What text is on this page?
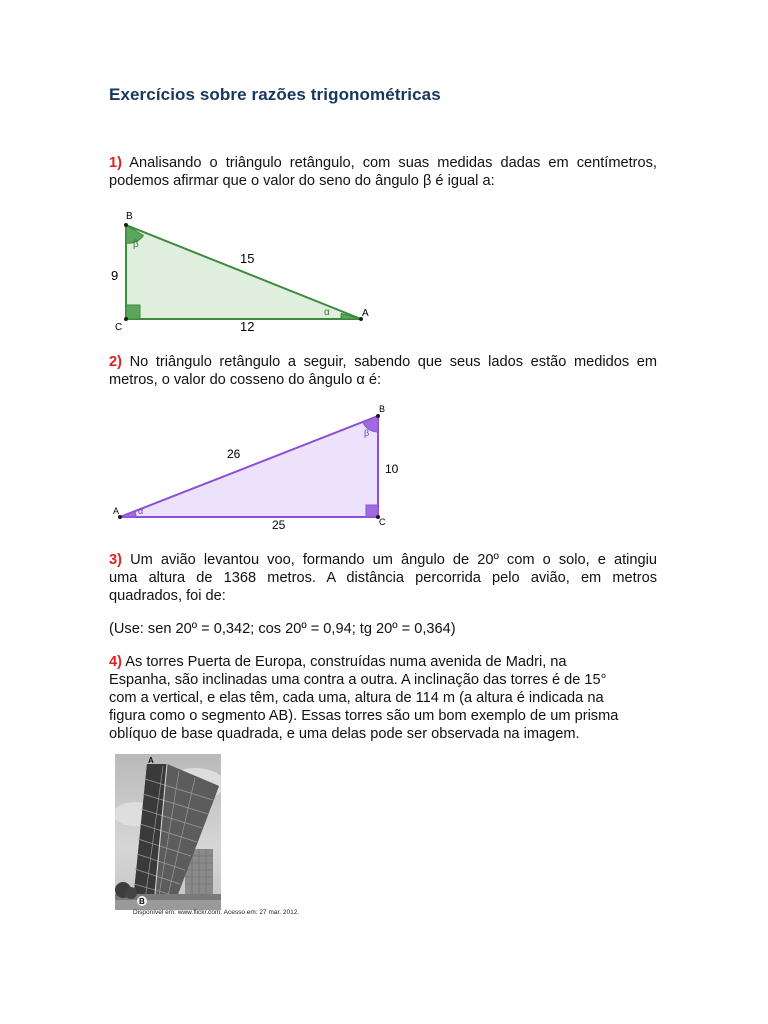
Exercícios sobre razões trigonométricas
1) Analisando o triângulo retângulo, com suas medidas dadas em centímetros,
podemos afirmar que o valor do seno do ângulo β é igual a:
B
C
A
9
15
12
β
α
2) No triângulo retângulo a seguir, sabendo que seus lados estão medidos em
metros, o valor do cosseno do ângulo α é:
A
B
C
26
10
25
β
α
3) Um avião levantou voo, formando um ângulo de 20º com o solo, e atingiu
uma altura de 1368 metros. A distância percorrida pelo avião, em metros
quadrados, foi de:
(Use: sen 20º = 0,342; cos 20º = 0,94; tg 20º = 0,364)
4) As torres Puerta de Europa, construídas numa avenida de Madri, na
Espanha, são inclinadas uma contra a outra. A inclinação das torres é de 15°
com a vertical, e elas têm, cada uma, altura de 114 m (a altura é indicada na
figura como o segmento AB). Essas torres são um bom exemplo de um prisma
oblíquo de base quadrada, e uma delas pode ser observada na imagem.
A
B
Disponível em: www.flickr.com. Acesso em: 27 mar. 2012.
